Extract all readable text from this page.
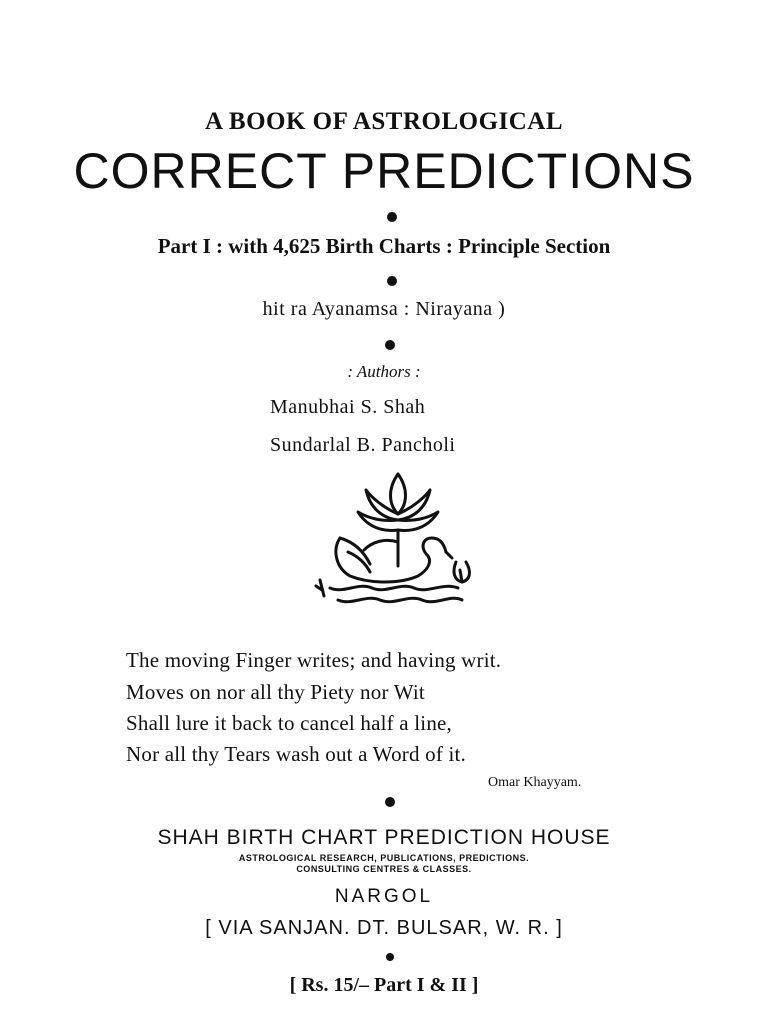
A BOOK OF ASTROLOGICAL
CORRECT PREDICTIONS
Part I : with 4,625 Birth Charts : Principle Section
hit ra Ayanamsa : Nirayana )
: Authors :
Manubhai S. Shah
Sundarlal B. Pancholi
The moving Finger writes; and having writ.
Moves on nor all thy Piety nor Wit
Shall lure it back to cancel half a line,
Nor all thy Tears wash out a Word of it.
Omar Khayyam.
SHAH BIRTH CHART PREDICTION HOUSE
ASTROLOGICAL RESEARCH, PUBLICATIONS, PREDICTIONS.
CONSULTING CENTRES & CLASSES.
NARGOL
[ VIA SANJAN. DT. BULSAR, W. R. ]
[ Rs. 15/– Part I & II ]
